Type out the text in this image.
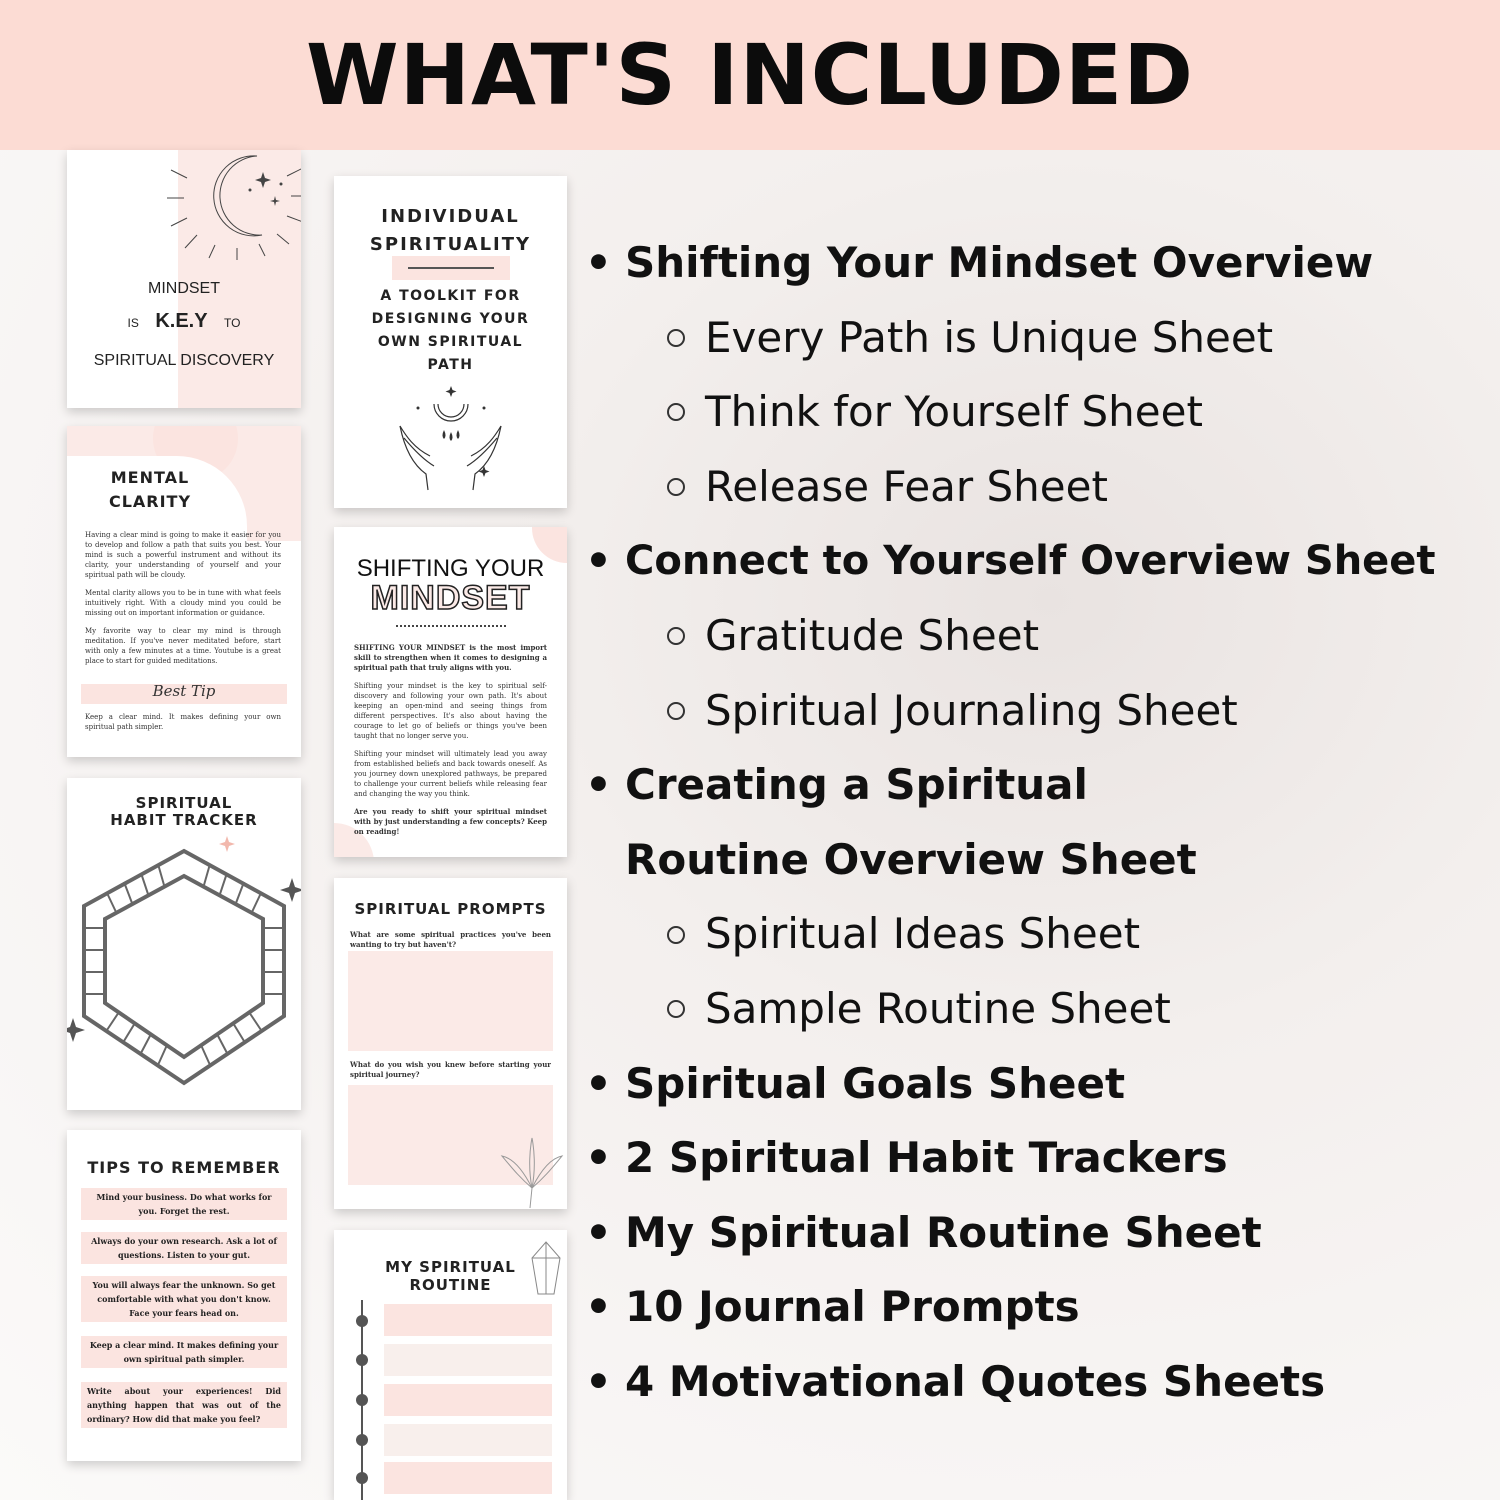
WHAT'S INCLUDED
MINDSET
IS K.E.Y TO
SPIRITUAL DISCOVERY
MENTAL
CLARITY

Having a clear mind is going to make it easier for you to develop and follow a path that suits you best. Your mind is such a powerful instrument and without its clarity, your understanding of yourself and your spiritual path will be cloudy.

Mental clarity allows you to be in tune with what feels intuitively right. With a cloudy mind you could be missing out on important information or guidance.

My favorite way to clear my mind is through meditation. If you've never meditated before, start with only a few minutes at a time. Youtube is a great place to start for guided meditations.

Best Tip

Keep a clear mind. It makes defining your own spiritual path simpler.

SPIRITUAL
HABIT TRACKER
TIPS TO REMEMBER
Mind your business. Do what works for you. Forget the rest.
Always do your own research. Ask a lot of questions. Listen to your gut.
You will always fear the unknown. So get comfortable with what you don't know. Face your fears head on.
Keep a clear mind. It makes defining your own spiritual path simpler.
Write about your experiences! Did anything happen that was out of the ordinary? How did that make you feel?
INDIVIDUAL
SPIRITUALITY
A TOOLKIT FOR
DESIGNING YOUR
OWN SPIRITUAL
PATH
SHIFTING YOUR
MINDSET

SHIFTING YOUR MINDSET is the most import skill to strengthen when it comes to designing a spiritual path that truly aligns with you.

Shifting your mindset is the key to spiritual self-discovery and following your own path. It's about keeping an open-mind and seeing things from different perspectives. It's also about having the courage to let go of beliefs or things you've been taught that no longer serve you.

Shifting your mindset will ultimately lead you away from established beliefs and back towards oneself. As you journey down unexplored pathways, be prepared to challenge your current beliefs while releasing fear and changing the way you think.

Are you ready to shift your spiritual mindset with by just understanding a few concepts? Keep on reading!

SPIRITUAL PROMPTS

What are some spiritual practices you've been wanting to try but haven't?

What do you wish you knew before starting your spiritual journey?

MY SPIRITUAL
ROUTINE
• Shifting Your Mindset Overview
Every Path is Unique Sheet
Think for Yourself Sheet
Release Fear Sheet
• Connect to Yourself Overview Sheet
Gratitude Sheet
Spiritual Journaling Sheet
• Creating a Spiritual Routine Overview Sheet
Spiritual Ideas Sheet
Sample Routine Sheet
• Spiritual Goals Sheet
• 2 Spiritual Habit Trackers
• My Spiritual Routine Sheet
• 10 Journal Prompts
• 4 Motivational Quotes Sheets
